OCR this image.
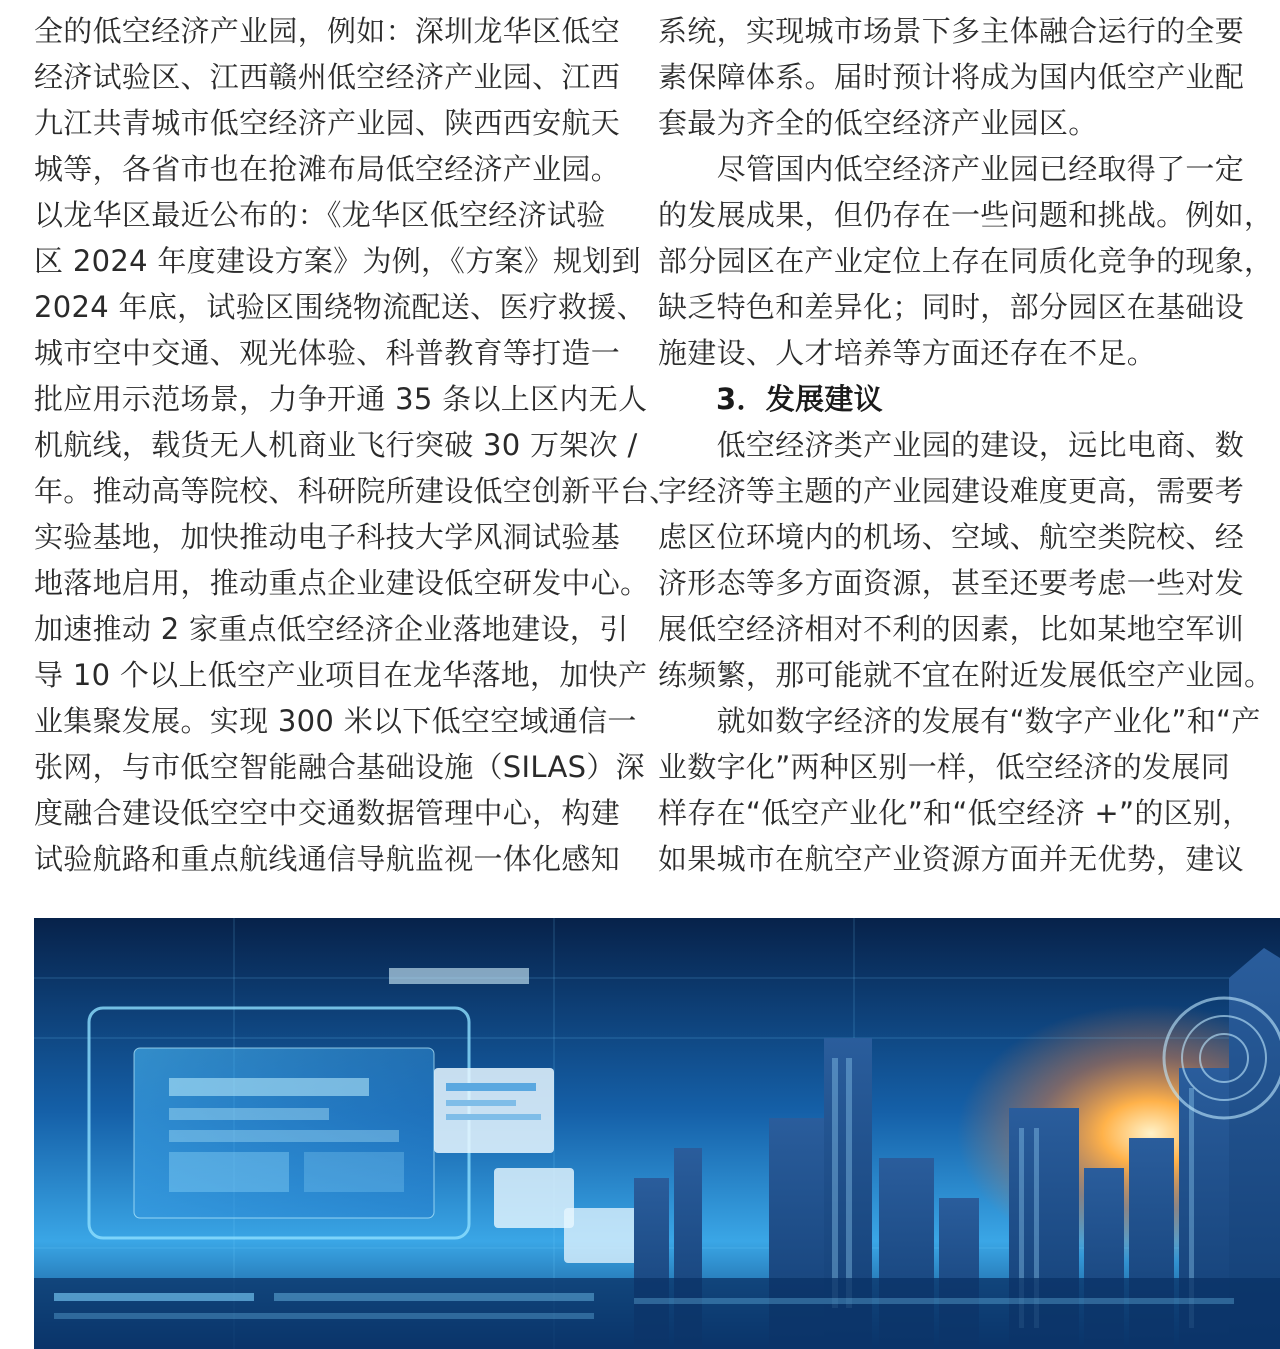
全的低空经济产业园，例如：深圳龙华区低空
经济试验区、江西赣州低空经济产业园、江西
九江共青城市低空经济产业园、陕西西安航天
城等，各省市也在抢滩布局低空经济产业园。
以龙华区最近公布的：《龙华区低空经济试验
区 2024 年度建设方案》为例，《方案》规划到
2024 年底，试验区围绕物流配送、医疗救援、
城市空中交通、观光体验、科普教育等打造一
批应用示范场景，力争开通 35 条以上区内无人
机航线，载货无人机商业飞行突破 30 万架次 /
年。推动高等院校、科研院所建设低空创新平台、
实验基地，加快推动电子科技大学风洞试验基
地落地启用，推动重点企业建设低空研发中心。
加速推动 2 家重点低空经济企业落地建设，引
导 10 个以上低空产业项目在龙华落地，加快产
业集聚发展。实现 300 米以下低空空域通信一
张网，与市低空智能融合基础设施（SILAS）深
度融合建设低空空中交通数据管理中心，构建
试验航路和重点航线通信导航监视一体化感知
系统，实现城市场景下多主体融合运行的全要
素保障体系。届时预计将成为国内低空产业配
套最为齐全的低空经济产业园区。
　　尽管国内低空经济产业园已经取得了一定
的发展成果，但仍存在一些问题和挑战。例如，
部分园区在产业定位上存在同质化竞争的现象，
缺乏特色和差异化；同时，部分园区在基础设
施建设、人才培养等方面还存在不足。
3．发展建议
　　低空经济类产业园的建设，远比电商、数
字经济等主题的产业园建设难度更高，需要考
虑区位环境内的机场、空域、航空类院校、经
济形态等多方面资源，甚至还要考虑一些对发
展低空经济相对不利的因素，比如某地空军训
练频繁，那可能就不宜在附近发展低空产业园。
　　就如数字经济的发展有“数字产业化”和“产
业数字化”两种区别一样，低空经济的发展同
样存在“低空产业化”和“低空经济 +”的区别，
如果城市在航空产业资源方面并无优势，建议
